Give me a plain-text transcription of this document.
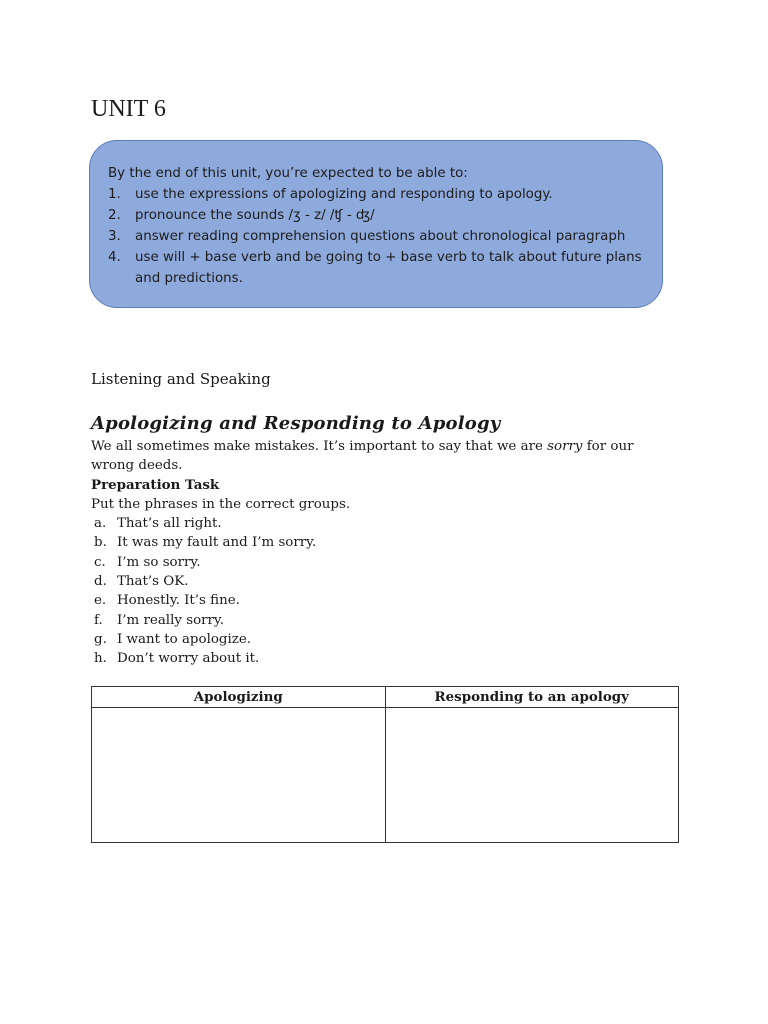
UNIT 6

By the end of this unit, you’re expected to be able to:

1.	use the expressions of apologizing and responding to apology.
2.	pronounce the sounds /ʒ - z/ /ʧ - ʤ/
3.	answer reading comprehension questions about chronological paragraph
4.	use will + base verb and be going to + base verb to talk about future plans and predictions.
Listening and Speaking
Apologizing and Responding to Apology

We all sometimes make mistakes. It’s important to say that we are sorry for our wrong deeds.

Preparation Task

Put the phrases in the correct groups.

a. That’s all right.
b. It was my fault and I’m sorry.
c. I’m so sorry.
d. That’s OK.
e. Honestly. It’s fine.
f.	I’m really sorry.
g. I want to apologize.
h. Don’t worry about it.
Apologizing	Responding to an apology
